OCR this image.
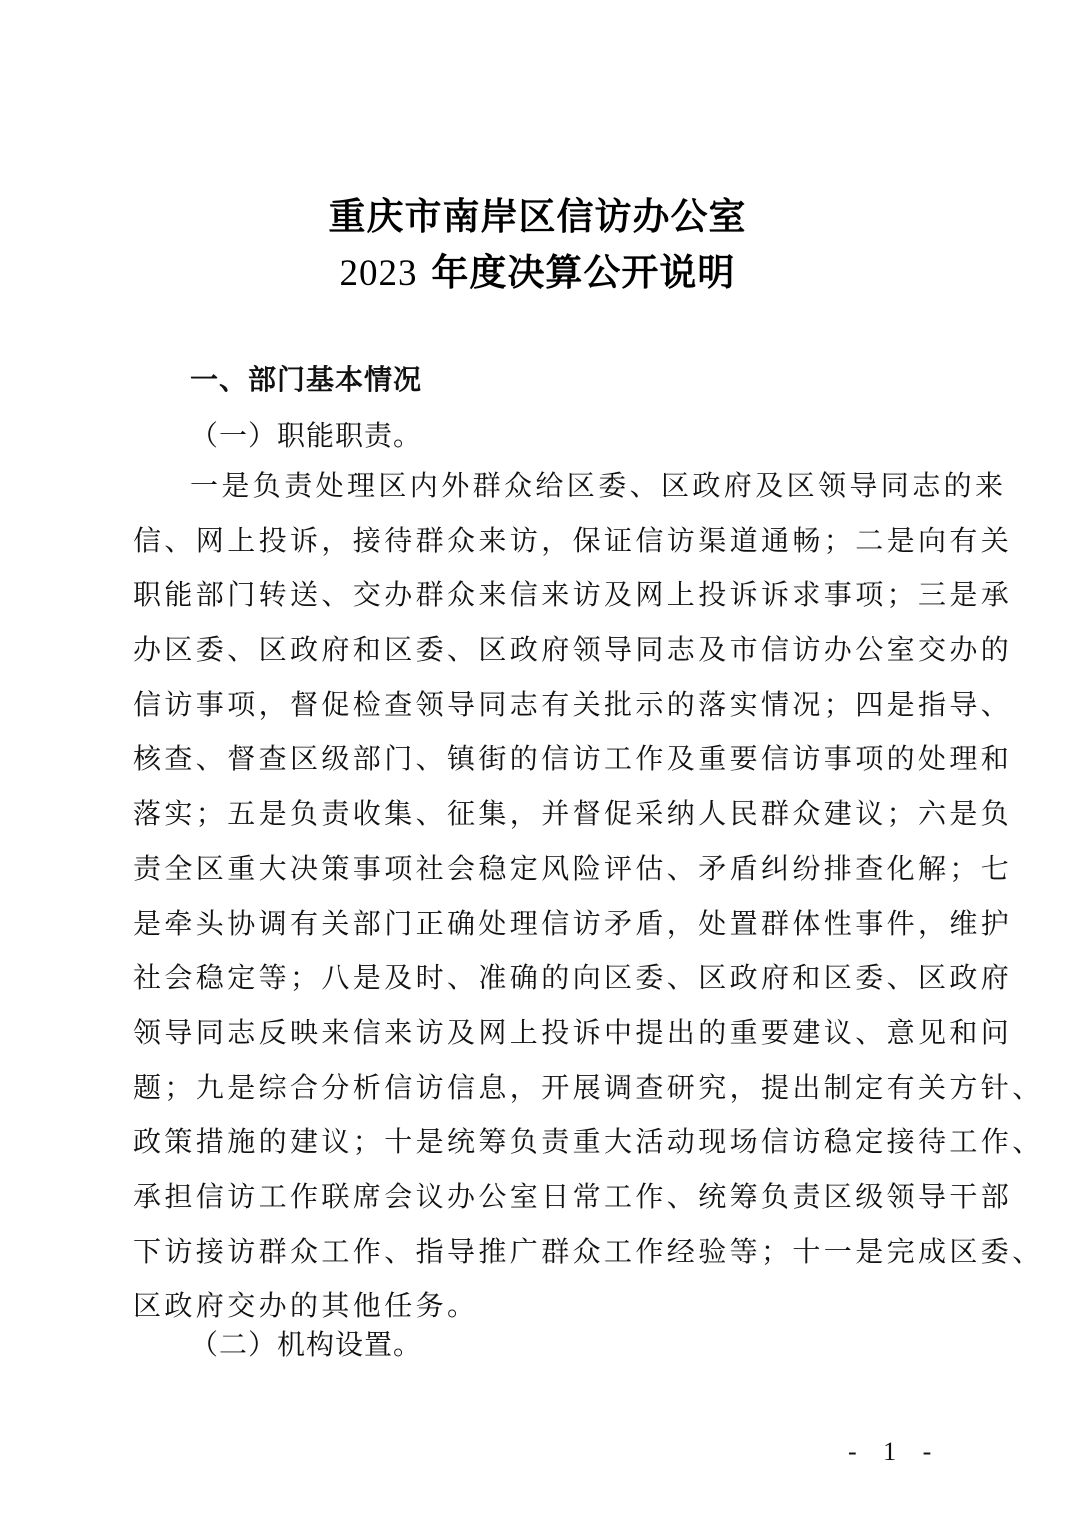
重庆市南岸区信访办公室
2023 年度决算公开说明
一、部门基本情况
（一）职能职责。
一是负责处理区内外群众给区委、区政府及区领导同志的来
信、网上投诉，接待群众来访，保证信访渠道通畅；二是向有关
职能部门转送、交办群众来信来访及网上投诉诉求事项；三是承
办区委、区政府和区委、区政府领导同志及市信访办公室交办的
信访事项，督促检查领导同志有关批示的落实情况；四是指导、
核查、督查区级部门、镇街的信访工作及重要信访事项的处理和
落实；五是负责收集、征集，并督促采纳人民群众建议；六是负
责全区重大决策事项社会稳定风险评估、矛盾纠纷排查化解；七
是牵头协调有关部门正确处理信访矛盾，处置群体性事件，维护
社会稳定等；八是及时、准确的向区委、区政府和区委、区政府
领导同志反映来信来访及网上投诉中提出的重要建议、意见和问
题；九是综合分析信访信息，开展调查研究，提出制定有关方针、
政策措施的建议；十是统筹负责重大活动现场信访稳定接待工作、
承担信访工作联席会议办公室日常工作、统筹负责区级领导干部
下访接访群众工作、指导推广群众工作经验等；十一是完成区委、
区政府交办的其他任务。
（二）机构设置。
- 1 -
